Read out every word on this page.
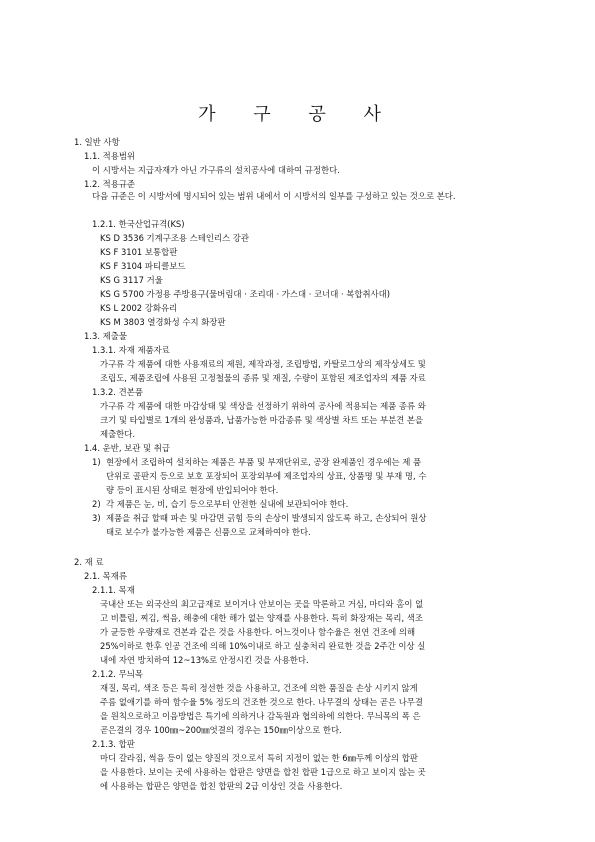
가 구 공 사
1. 일반 사항
1.1. 적용범위
이 시방서는 지급자재가 아닌 가구류의 설치공사에 대하여 규정한다.
1.2. 적용규준
다음 규준은 이 시방서에 명시되어 있는 범위 내에서 이 시방서의 일부를 구성하고 있는 것으로 본다.
1.2.1. 한국산업규격(KS)
KS D 3536 기계구조용 스테인리스 강관
KS F 3101 보통합판
KS F 3104 파티클보드
KS G 3117 거울
KS G 5700 가정용 주방용구(물버림대 · 조리대 · 가스대 · 코너대 · 복합취사대)
KS L 2002 강화유리
KS M 3803 열경화성 수지 화장판
1.3. 제출물
1.3.1. 자재 제품자료
가구류 각 제품에 대한 사용재료의 제원, 제작과정, 조립방법, 카탈로그상의 제작상세도 및
조립도, 제품조립에 사용된 고정철물의 종류 및 재질, 수량이 포함된 제조업자의 제품 자료
1.3.2. 견본품
가구류 각 제품에 대한 마감상태 및 색상을 선정하기 위하여 공사에 적용되는 제품 종류 와
크기 및 타입별로 1개의 완성품과, 납품가능한 마감종류 및 색상별 차트 또는 부분견 본을
제출한다.
1.4. 운반, 보관 및 취급
1) 현장에서 조립하여 설치하는 제품은 부품 및 부재단위로, 공장 완제품인 경우에는 제 품
단위로 골판지 등으로 보호 포장되어 포장외부에 제조업자의 상표, 상품명 및 부재 명, 수
량 등이 표시된 상태로 현장에 반입되어야 한다.
2) 각 제품은 눈, 비, 습기 등으로부터 안전한 실내에 보관되어야 한다.
3) 제품을 취급 할때 파손 및 마감면 긁힘 등의 손상이 발생되지 않도록 하고, 손상되어 원상
태로 보수가 불가능한 제품은 신품으로 교체하여야 한다.
2. 재 료
2.1. 목재류
2.1.1. 목재
국내산 또는 외국산의 최고급재로 보이거나 안보이는 곳을 막론하고 거심, 마디와 홈이 없
고 비틀림, 찌김, 썩음, 해충에 대한 해가 없는 양재를 사용한다. 특히 화장재는 목리, 색조
가 균등한 우량재로 견본과 같은 것을 사용한다. 어느것이나 함수율은 천연 건조에 의해
25%이하로 한후 인공 건조에 의해 10%이내로 하고 실충처리 완료한 것을 2주간 이상 실
내에 자연 방치하여 12~13%로 안정시킨 것을 사용한다.
2.1.2. 무늬목
재질, 목리, 색조 등은 특히 정선한 것을 사용하고, 건조에 의한 품질을 손상 시키지 않게
주름 없애기를 하여 함수율 5% 정도의 건조한 것으로 한다. 나무결의 상태는 곧은 나무결
을 원칙으로하고 이음방법은 특기에 의하거나 감독원과 협의하에 의한다. 무늬목의 폭 은
곧은결의 경우 100㎜~200㎜엇결의 경우는 150㎜이상으로 한다.
2.1.3. 합판
마디 갈라짐, 썩음 등이 없는 양질의 것으로서 특히 지정이 없는 한 6㎜두께 이상의 합판
을 사용한다. 보이는 곳에 사용하는 합판은 양면을 합친 합판 1급으로 하고 보이지 않는 곳
에 사용하는 합판은 양면을 합친 합판의 2급 이상인 것을 사용한다.
